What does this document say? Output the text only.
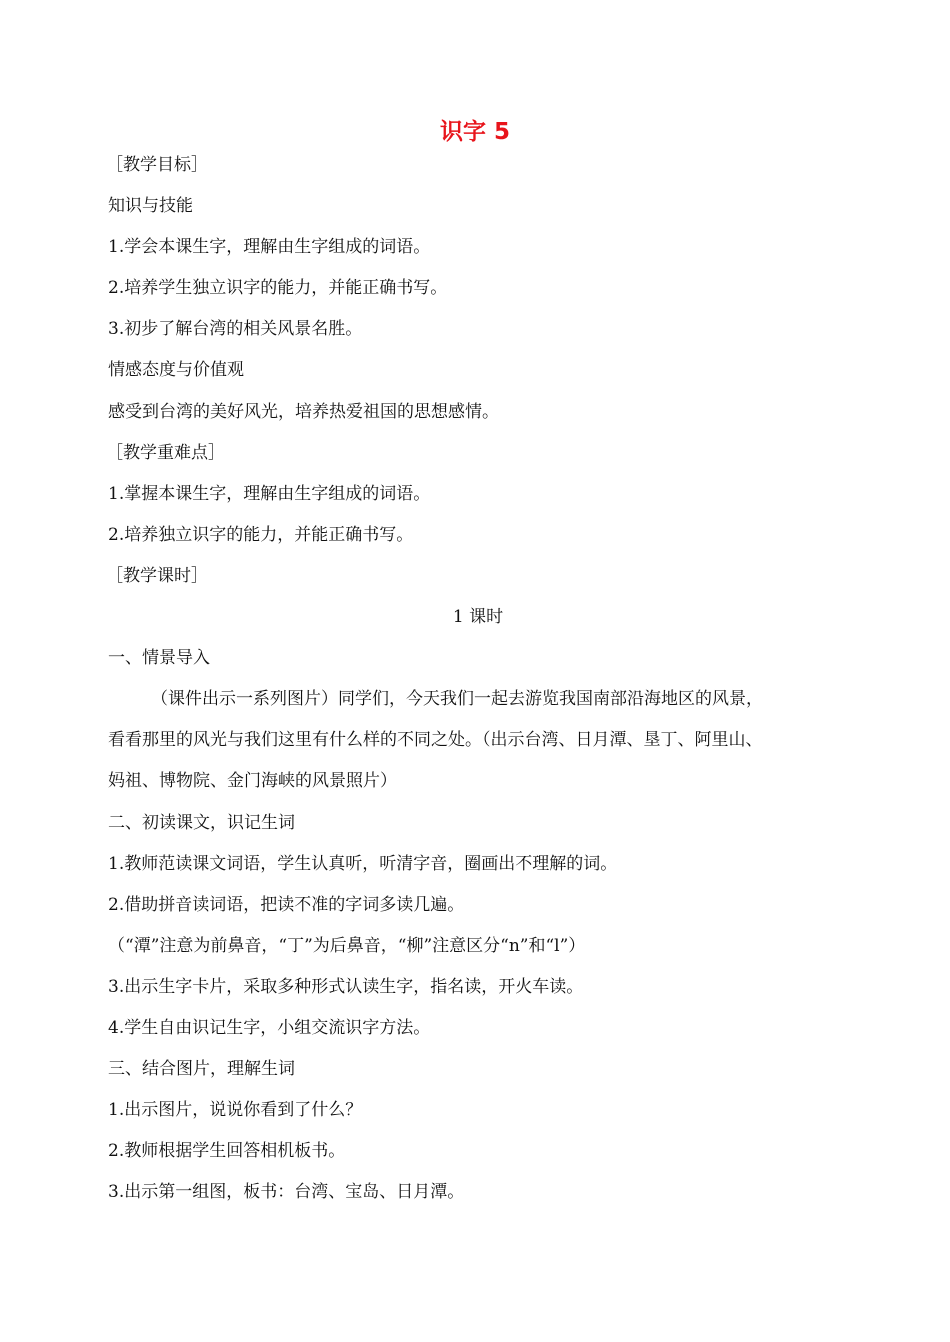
识字 5
［教学目标］
知识与技能
1.学会本课生字，理解由生字组成的词语。
2.培养学生独立识字的能力，并能正确书写。
3.初步了解台湾的相关风景名胜。
情感态度与价值观
感受到台湾的美好风光，培养热爱祖国的思想感情。
［教学重难点］
1.掌握本课生字，理解由生字组成的词语。
2.培养独立识字的能力，并能正确书写。
［教学课时］
1 课时
一、情景导入
（课件出示一系列图片）同学们，今天我们一起去游览我国南部沿海地区的风景，
看看那里的风光与我们这里有什么样的不同之处。（出示台湾、日月潭、垦丁、阿里山、
妈祖、博物院、金门海峡的风景照片）
二、初读课文，识记生词
1.教师范读课文词语，学生认真听，听清字音，圈画出不理解的词。
2.借助拼音读词语，把读不准的字词多读几遍。
（“潭”注意为前鼻音，“丁”为后鼻音，“柳”注意区分“n”和“l”）
3.出示生字卡片，采取多种形式认读生字，指名读，开火车读。
4.学生自由识记生字，小组交流识字方法。
三、结合图片，理解生词
1.出示图片，说说你看到了什么？
2.教师根据学生回答相机板书。
3.出示第一组图，板书：台湾、宝岛、日月潭。
